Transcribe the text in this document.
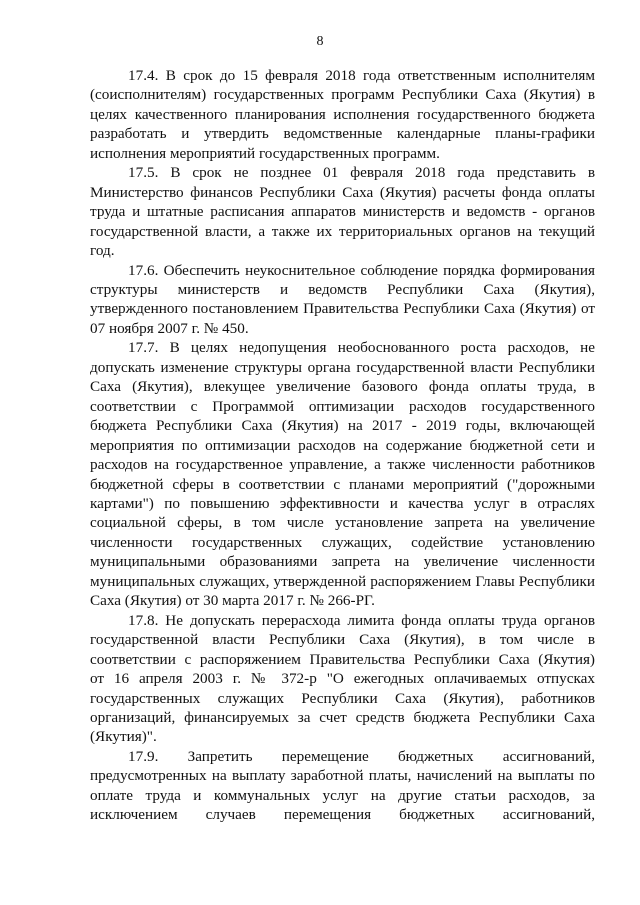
8

17.4. В срок до 15 февраля 2018 года ответственным исполнителям
(соисполнителям) государственных программ Республики Саха (Якутия) в
целях качественного планирования исполнения государственного бюджета
разработать и утвердить ведомственные календарные планы-графики
исполнения мероприятий государственных программ.

17.5. В срок не позднее 01 февраля 2018 года представить в
Министерство финансов Республики Саха (Якутия) расчеты фонда оплаты
труда и штатные расписания аппаратов министерств и ведомств - органов
государственной власти, а также их территориальных органов на текущий
год.

17.6. Обеспечить неукоснительное соблюдение порядка формирования
структуры министерств и ведомств Республики Саха (Якутия),
утвержденного постановлением Правительства Республики Саха (Якутия) от
07 ноября 2007 г. № 450.

17.7. В целях недопущения необоснованного роста расходов, не
допускать изменение структуры органа государственной власти Республики
Саха (Якутия), влекущее увеличение базового фонда оплаты труда, в
соответствии с Программой оптимизации расходов государственного
бюджета Республики Саха (Якутия) на 2017 - 2019 годы, включающей
мероприятия по оптимизации расходов на содержание бюджетной сети и
расходов на государственное управление, а также численности работников
бюджетной сферы в соответствии с планами мероприятий ("дорожными
картами") по повышению эффективности и качества услуг в отраслях
социальной сферы, в том числе установление запрета на увеличение
численности государственных служащих, содействие установлению
муниципальными образованиями запрета на увеличение численности
муниципальных служащих, утвержденной распоряжением Главы Республики
Саха (Якутия) от 30 марта 2017 г. № 266-РГ.

17.8. Не допускать перерасхода лимита фонда оплаты труда органов
государственной власти Республики Саха (Якутия), в том числе в
соответствии с распоряжением Правительства Республики Саха (Якутия)
от 16 апреля 2003 г. № 372-р "О ежегодных оплачиваемых отпусках
государственных служащих Республики Саха (Якутия), работников
организаций, финансируемых за счет средств бюджета Республики Саха
(Якутия)".

17.9. Запретить перемещение бюджетных ассигнований,
предусмотренных на выплату заработной платы, начислений на выплаты по
оплате труда и коммунальных услуг на другие статьи расходов, за
исключением случаев перемещения бюджетных ассигнований,
